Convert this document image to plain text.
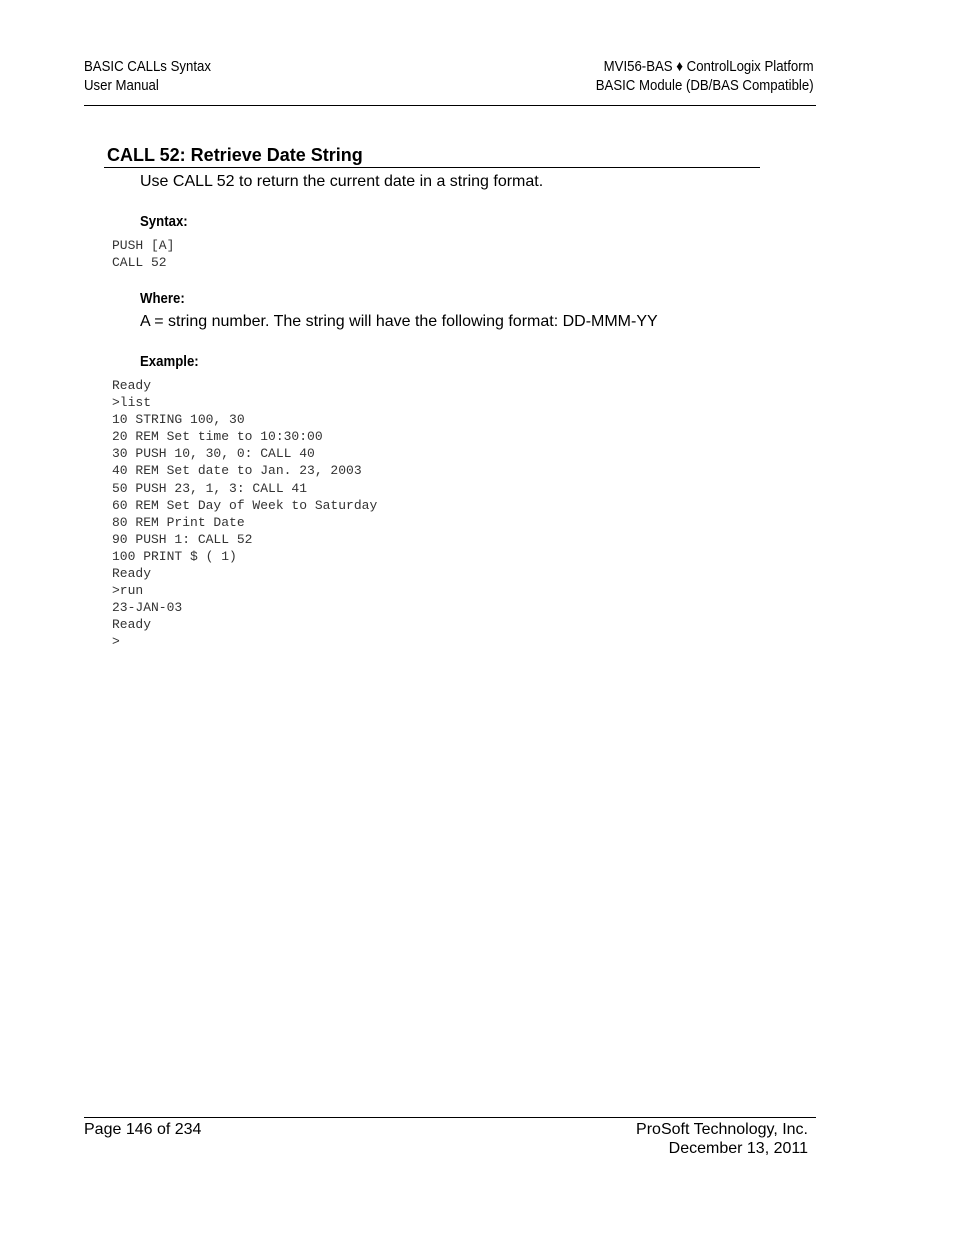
BASIC CALLs Syntax
User Manual
MVI56-BAS ♦ ControlLogix Platform
BASIC Module (DB/BAS Compatible)
CALL 52: Retrieve Date String
Use CALL 52 to return the current date in a string format.
Syntax:
PUSH [A]
CALL 52
Where:
A = string number. The string will have the following format: DD-MMM-YY
Example:
Ready
>list
10 STRING 100, 30
20 REM Set time to 10:30:00
30 PUSH 10, 30, 0: CALL 40
40 REM Set date to Jan. 23, 2003
50 PUSH 23, 1, 3: CALL 41
60 REM Set Day of Week to Saturday
80 REM Print Date
90 PUSH 1: CALL 52
100 PRINT $ ( 1)
Ready
>run
23-JAN-03
Ready
>
Page 146 of 234	ProSoft Technology, Inc.
December 13, 2011
